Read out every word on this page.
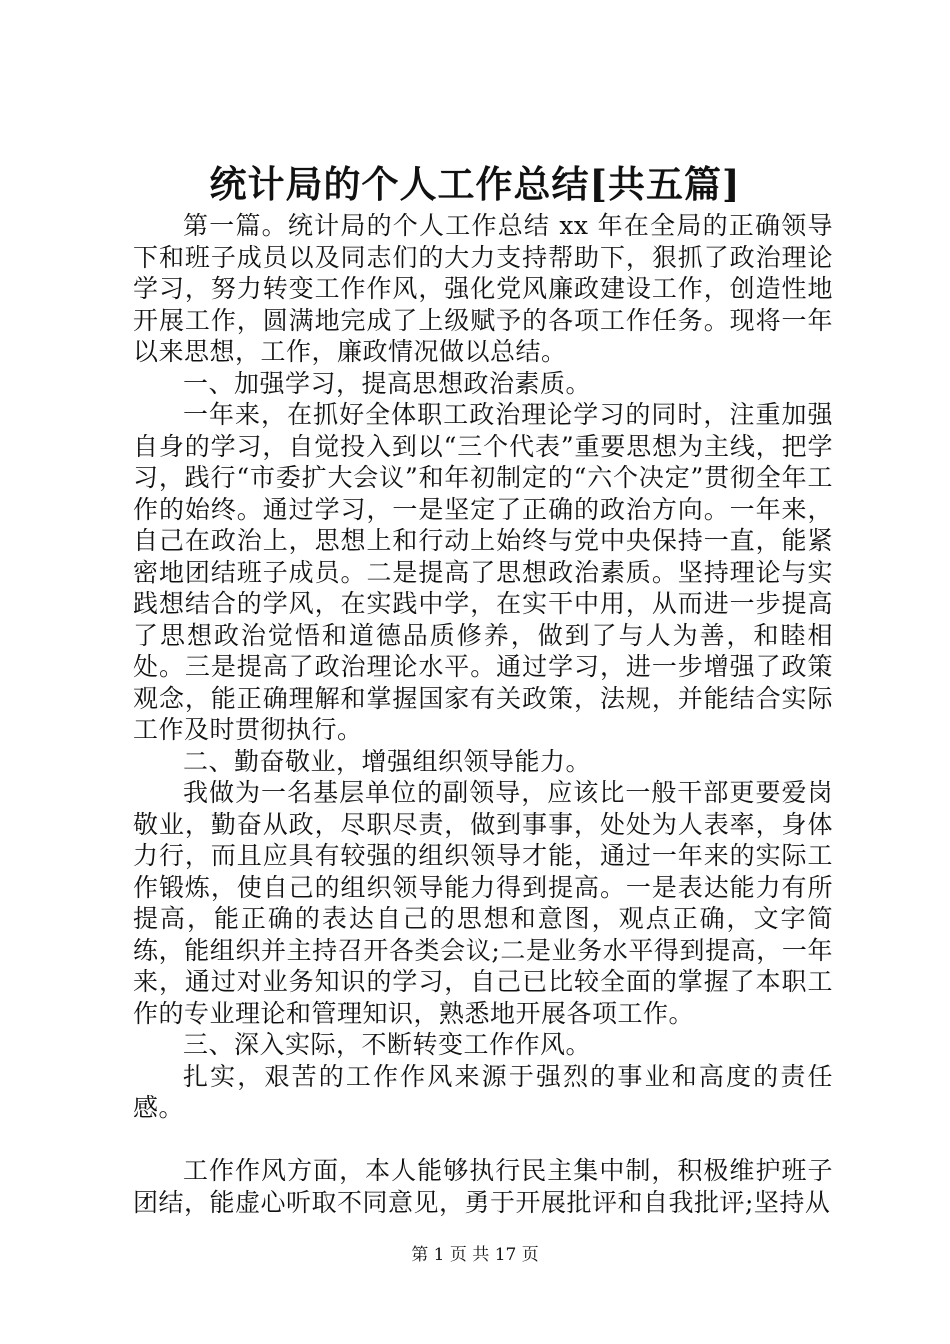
统计局的个人工作总结[共五篇]

第一篇。统计局的个人工作总结 xx 年在全局的正确领导下和班子成员以及同志们的大力支持帮助下，狠抓了政治理论学习，努力转变工作作风，强化党风廉政建设工作，创造性地开展工作，圆满地完成了上级赋予的各项工作任务。现将一年以来思想，工作，廉政情况做以总结。

一、加强学习，提高思想政治素质。

一年来，在抓好全体职工政治理论学习的同时，注重加强自身的学习，自觉投入到以“三个代表”重要思想为主线，把学习，践行“市委扩大会议”和年初制定的“六个决定”贯彻全年工作的始终。通过学习，一是坚定了正确的政治方向。一年来，自己在政治上，思想上和行动上始终与党中央保持一直，能紧密地团结班子成员。二是提高了思想政治素质。坚持理论与实践想结合的学风，在实践中学，在实干中用，从而进一步提高了思想政治觉悟和道德品质修养，做到了与人为善，和睦相处。三是提高了政治理论水平。通过学习，进一步增强了政策观念，能正确理解和掌握国家有关政策，法规，并能结合实际工作及时贯彻执行。

二、勤奋敬业，增强组织领导能力。

我做为一名基层单位的副领导，应该比一般干部更要爱岗敬业，勤奋从政，尽职尽责，做到事事，处处为人表率，身体力行，而且应具有较强的组织领导才能，通过一年来的实际工作锻炼，使自己的组织领导能力得到提高。一是表达能力有所提高，能正确的表达自己的思想和意图，观点正确，文字简练，能组织并主持召开各类会议;二是业务水平得到提高，一年来，通过对业务知识的学习，自己已比较全面的掌握了本职工作的专业理论和管理知识，熟悉地开展各项工作。

三、深入实际，不断转变工作作风。

扎实，艰苦的工作作风来源于强烈的事业和高度的责任感。

工作作风方面，本人能够执行民主集中制，积极维护班子团结，能虚心听取不同意见，勇于开展批评和自我批评;坚持从

第 1 页 共 17 页
